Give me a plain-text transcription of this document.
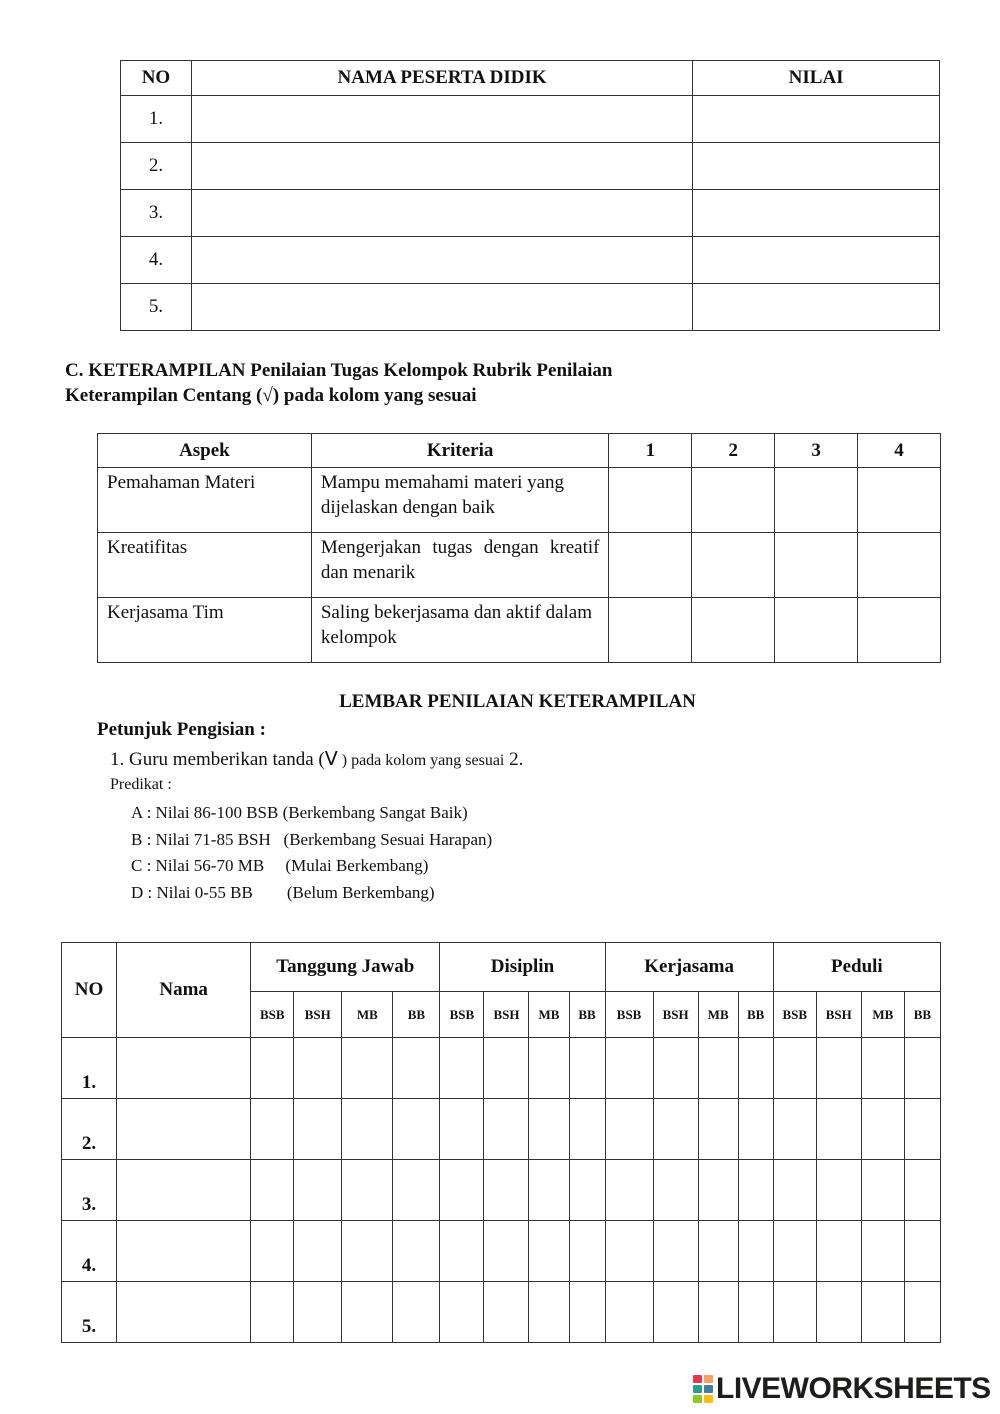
NO	NAMA PESERTA DIDIK	NILAI
1.		
2.		
3.		
4.		
5.		
C. KETERAMPILAN Penilaian Tugas Kelompok Rubrik Penilaian
Keterampilan Centang (√) pada kolom yang sesuai
Aspek	Kriteria	1	2	3	4

Pemahaman Materi	Mampu memahami materi yang dijelaskan dengan baik				

Kreatifitas	Mengerjakan tugas dengan kreatif dan menarik				

Kerjasama Tim	Saling bekerjasama dan aktif dalam kelompok				

LEMBAR PENILAIAN KETERAMPILAN
Petunjuk Pengisian :
1. Guru memberikan tanda (ꓦ ) pada kolom yang sesuai 2.
Predikat :
A : Nilai 86-100 BSB (Berkembang Sangat Baik)
B : Nilai 71-85 BSH   (Berkembang Sesuai Harapan)
C : Nilai 56-70 MB     (Mulai Berkembang)
D : Nilai 0-55 BB        (Belum Berkembang)
NO	Nama	Tanggung Jawab				Disiplin				Kerjasama				Peduli			
		BSB	BSH	MB	BB	BSB	BSH	MB	BB	BSB	BSH	MB	BB	BSB	BSH	MB	BB
1.																	
2.																	
3.																	
4.																	
5.																	
LIVEWORKSHEETS
